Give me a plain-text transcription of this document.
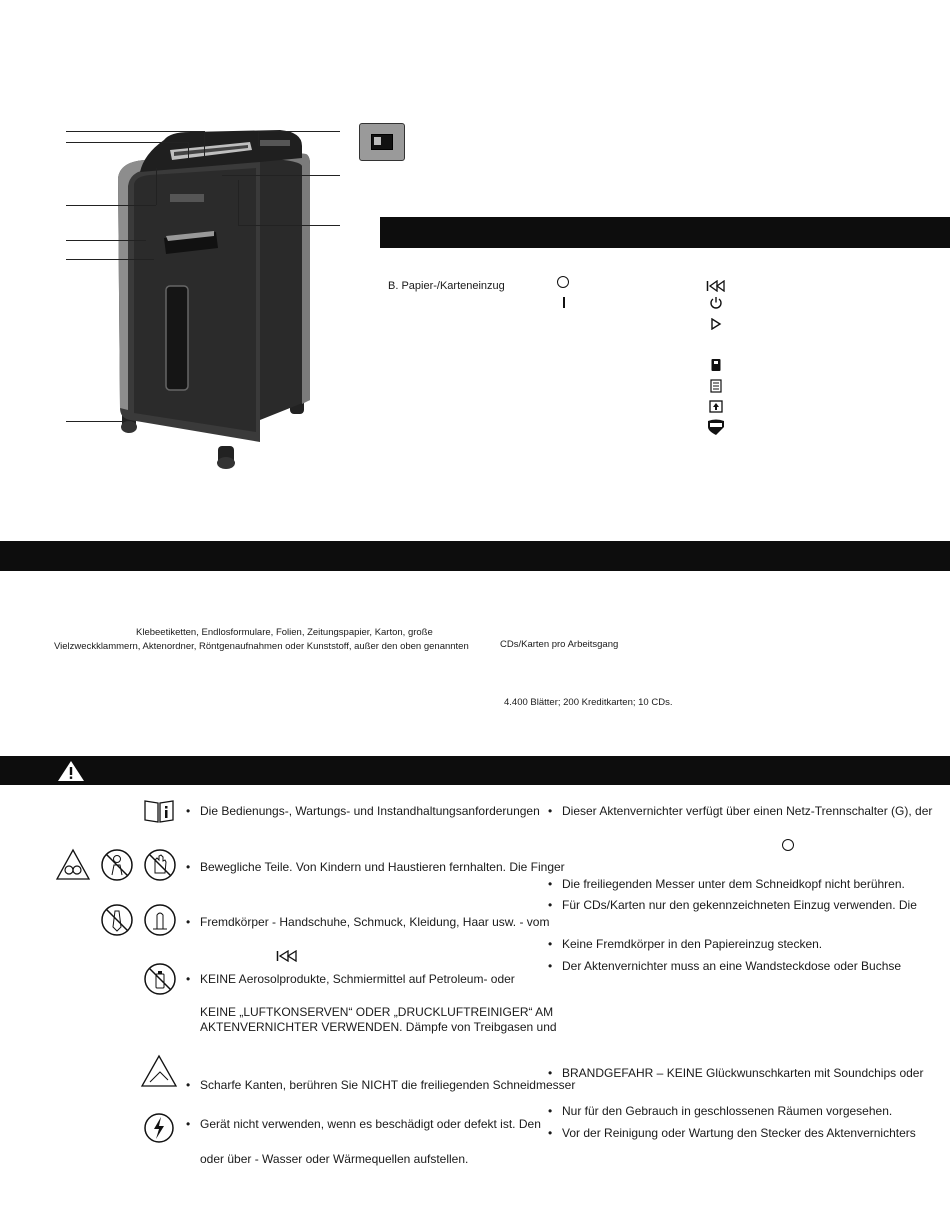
B. Papier-/Karteneinzug
Klebeetiketten, Endlosformulare, Folien, Zeitungspapier, Karton, große
Vielzweckklammern, Aktenordner, Röntgenaufnahmen oder Kunststoff, außer den oben genannten	CDs/Karten pro Arbeitsgang
4.400 Blätter; 200 Kreditkarten; 10 CDs.
• Die Bedienungs-, Wartungs- und Instandhaltungsanforderungen
• Bewegliche Teile. Von Kindern und Haustieren fernhalten. Die Finger
• Fremdkörper - Handschuhe, Schmuck, Kleidung, Haar usw. - vom
• KEINE Aerosolprodukte, Schmiermittel auf Petroleum- oder
KEINE „LUFTKONSERVEN“ ODER „DRUCKLUFTREINIGER“ AM
AKTENVERNICHTER VERWENDEN. Dämpfe von Treibgasen und
• Scharfe Kanten, berühren Sie NICHT die freiliegenden Schneidmesser
• Gerät nicht verwenden, wenn es beschädigt oder defekt ist. Den
oder über - Wasser oder Wärmequellen aufstellen.
• Dieser Aktenvernichter verfügt über einen Netz-Trennschalter (G), der
• Die freiliegenden Messer unter dem Schneidkopf nicht berühren.
• Für CDs/Karten nur den gekennzeichneten Einzug verwenden. Die
• Keine Fremdkörper in den Papiereinzug stecken.
• Der Aktenvernichter muss an eine Wandsteckdose oder Buchse
• BRANDGEFAHR – KEINE Glückwunschkarten mit Soundchips oder
• Nur für den Gebrauch in geschlossenen Räumen vorgesehen.
• Vor der Reinigung oder Wartung den Stecker des Aktenvernichters
